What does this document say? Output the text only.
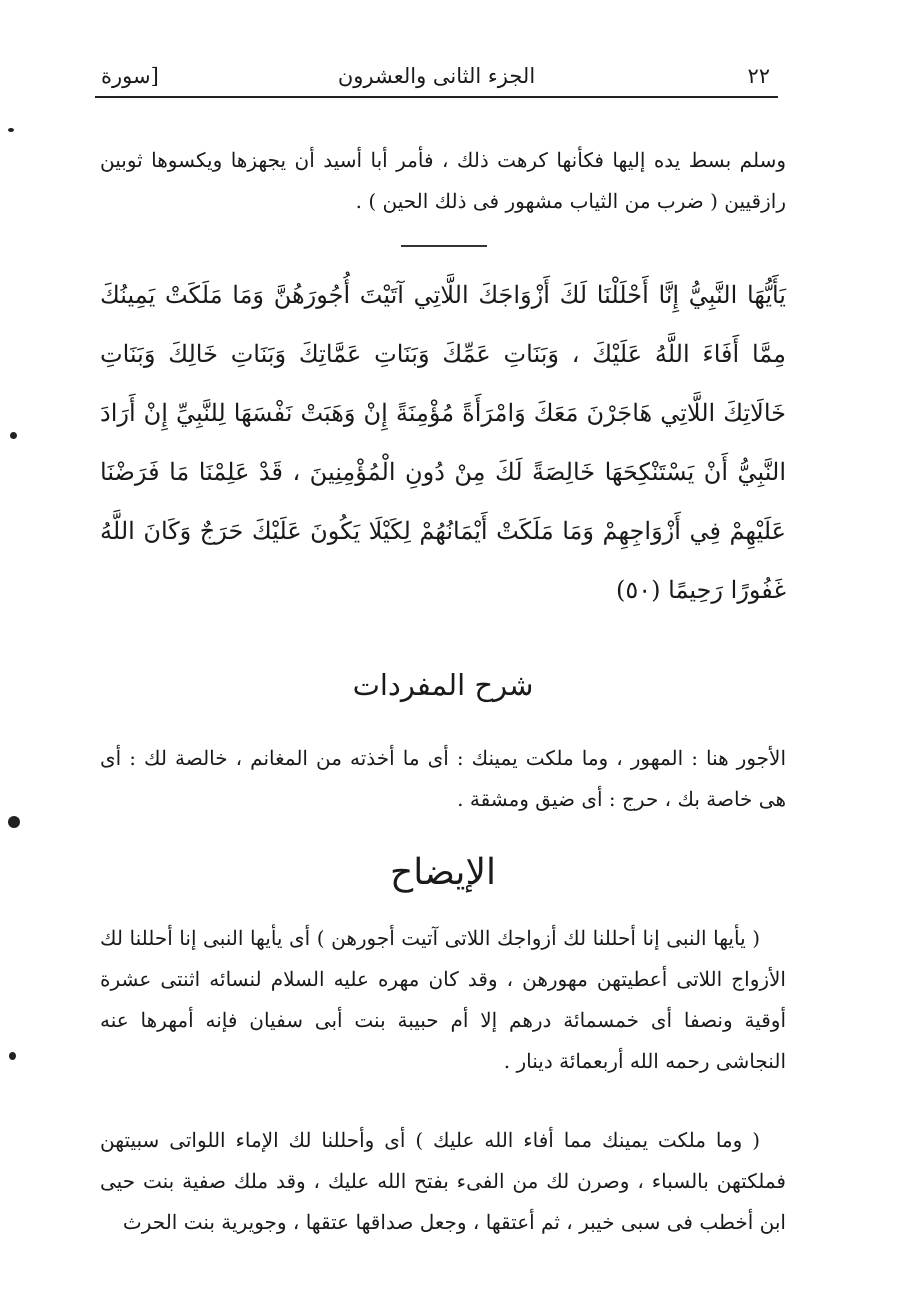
٢٢
الجزء الثانى والعشرون
[سورة
وسلم بسط يده إليها فكأنها كرهت ذلك ، فأمر أبا أسيد أن يجهزها ويكسوها ثوبين رازقيين ( ضرب من الثياب مشهور فى ذلك الحين ) .
يَأَيُّهَا النَّبِيُّ إِنَّا أَحْلَلْنَا لَكَ أَزْوَاجَكَ اللَّاتِي آتَيْتَ أُجُورَهُنَّ وَمَا مَلَكَتْ يَمِينُكَ مِمَّا أَفَاءَ اللَّهُ عَلَيْكَ ، وَبَنَاتِ عَمِّكَ وَبَنَاتِ عَمَّاتِكَ وَبَنَاتِ خَالِكَ وَبَنَاتِ خَالَاتِكَ اللَّاتِي هَاجَرْنَ مَعَكَ وَامْرَأَةً مُؤْمِنَةً إِنْ وَهَبَتْ نَفْسَهَا لِلنَّبِيِّ إِنْ أَرَادَ النَّبِيُّ أَنْ يَسْتَنْكِحَهَا خَالِصَةً لَكَ مِنْ دُونِ الْمُؤْمِنِينَ ، قَدْ عَلِمْنَا مَا فَرَضْنَا عَلَيْهِمْ فِي أَزْوَاجِهِمْ وَمَا مَلَكَتْ أَيْمَانُهُمْ لِكَيْلَا يَكُونَ عَلَيْكَ حَرَجٌ وَكَانَ اللَّهُ غَفُورًا رَحِيمًا (٥٠)
شرح المفردات
الأجور هنا : المهور ، وما ملكت يمينك : أى ما أخذته من المغانم ، خالصة لك : أى هى خاصة بك ، حرج : أى ضيق ومشقة .
الإيضاح
( يأيها النبى إنا أحللنا لك أزواجك اللاتى آتيت أجورهن ) أى يأيها النبى إنا أحللنا لك الأزواج اللاتى أعطيتهن مهورهن ، وقد كان مهره عليه السلام لنسائه اثنتى عشرة أوقية ونصفا أى خمسمائة درهم إلا أم حبيبة بنت أبى سفيان فإنه أمهرها عنه النجاشى رحمه الله أربعمائة دينار .
( وما ملكت يمينك مما أفاء الله عليك ) أى وأحللنا لك الإماء اللواتى سبيتهن فملكتهن بالسباء ، وصرن لك من الفىء بفتح الله عليك ، وقد ملك صفية بنت حيى ابن أخطب فى سبى خيبر ، ثم أعتقها ، وجعل صداقها عتقها ، وجويرية بنت الحرث
